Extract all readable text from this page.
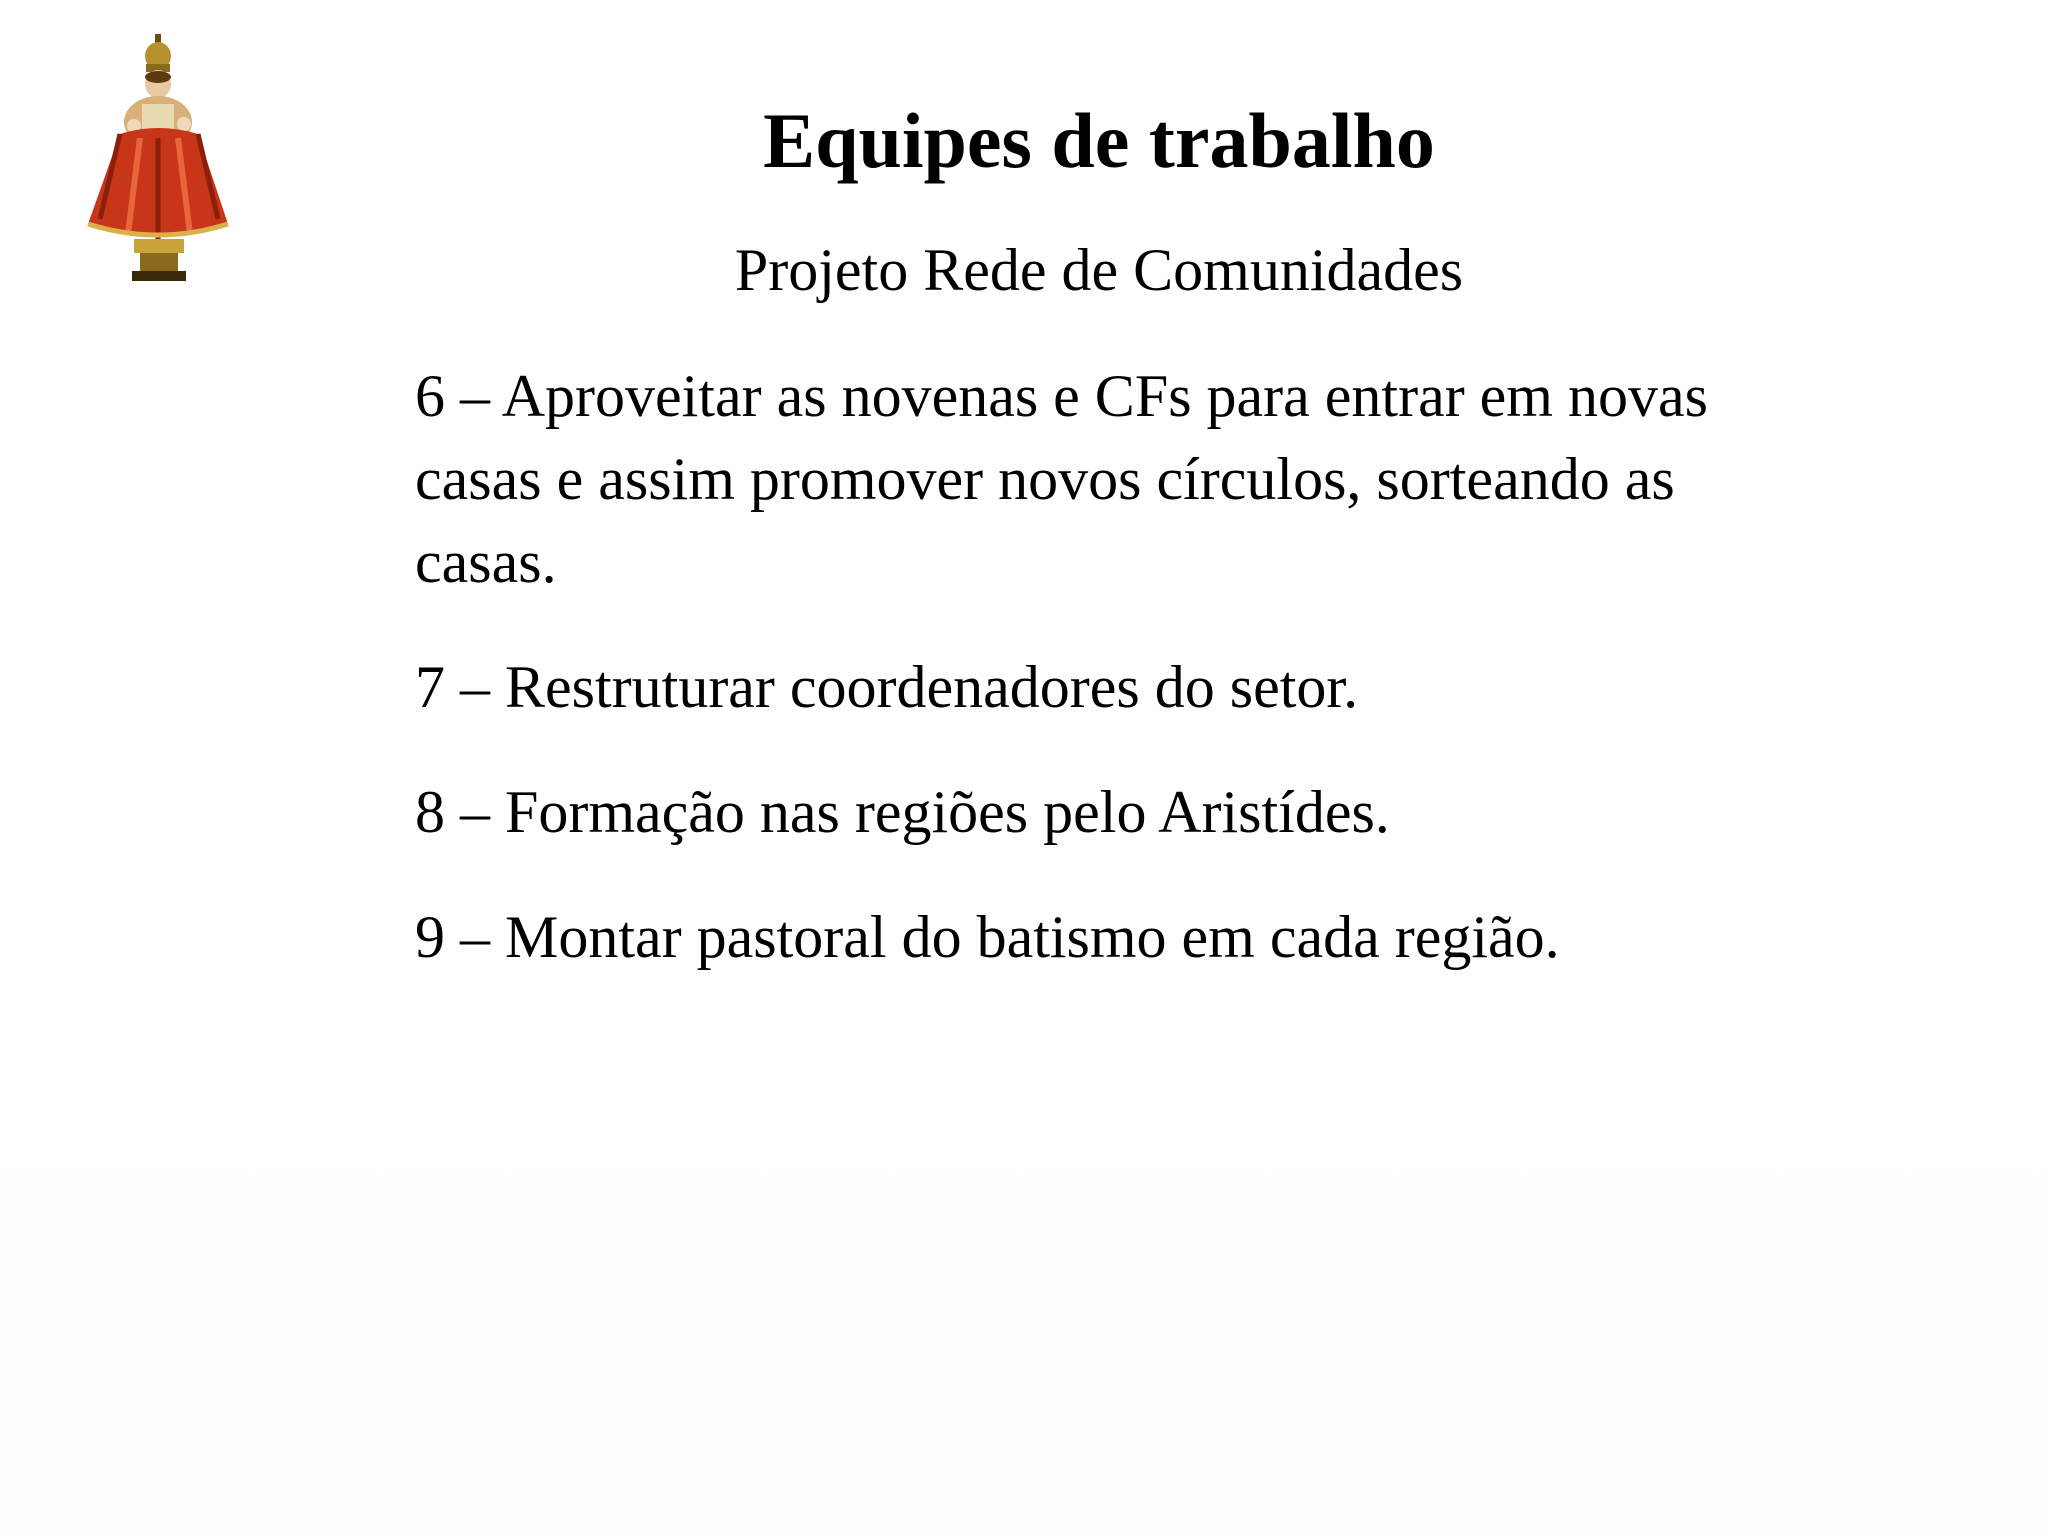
Equipes de trabalho
Projeto Rede de Comunidades

6 – Aproveitar as novenas e CFs para entrar em novas casas e assim promover novos círculos, sorteando as casas.

7 – Restruturar coordenadores do setor.

8 – Formação nas regiões pelo Aristídes.

9 – Montar pastoral do batismo em cada região.
